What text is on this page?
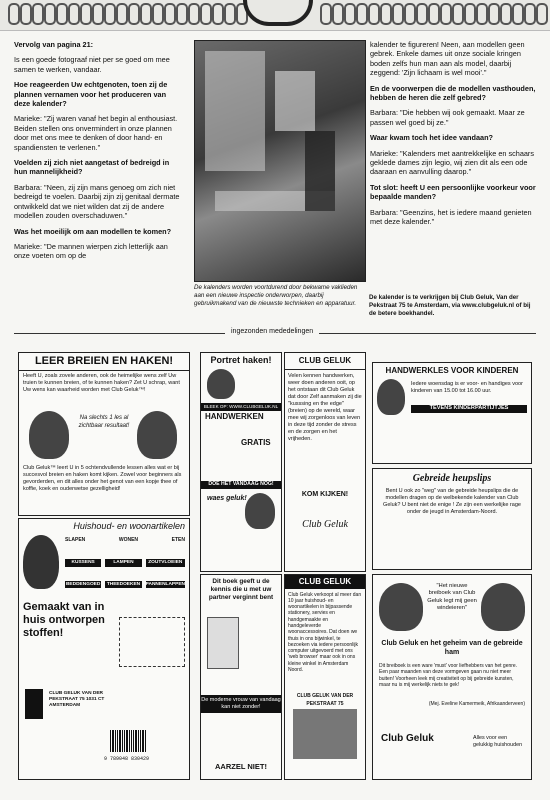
Vervolg van pagina 21:

Is een goede fotograaf niet per se goed om mee samen te werken, vandaar.

Hoe reageerden Uw echtgenoten, toen zij de plannen vernamen voor het produceren van deze kalender?

Marieke: "Zij waren vanaf het begin al enthousiast. Beiden stellen ons onvermindert in onze plannen door met ons mee te denken of door hand- en spandiensten te verlenen."

Voelden zij zich niet aangetast of bedreigd in hun mannelijkheid?

Barbara: "Neen, zij zijn mans genoeg om zich niet bedreigd te voelen. Daarbij zijn zij genitaal dermate ontwikkeld dat we niet wilden dat zij de andere modellen zouden overschaduwen."

Was het moeilijk om aan modellen te komen?

Marieke: "De mannen wierpen zich letterlijk aan onze voeten om op de

De kalenders worden voortdurend door bekwame vaklieden aan een nieuwe inspectie onderworpen, daarbij gebruikmakend van de nieuwste technieken en apparatuur.

kalender te figureren! Neen, aan modellen geen gebrek. Enkele dames uit onze sociale kringen boden zelfs hun man aan als model, daarbij zeggend: 'Zijn lichaam is wel mooi'."

En de voorwerpen die de modellen vasthouden, hebben de heren die zelf gebred?

Barbara: "Die hebben wij ook gemaakt. Maar ze passen wel goed bij ze."

Waar kwam toch het idee vandaan?

Marieke: "Kalenders met aantrekkelijke en schaars geklede dames zijn legio, wij zien dit als een ode daaraan en aanvulling daarop."

Tot slot: heeft U een persoonlijke voorkeur voor bepaalde manden?

Barbara: "Geenzins, het is iedere maand genieten met deze kalender."

De kalender is te verkrijgen bij Club Geluk, Van der Pekstraat 75 te Amsterdam, via www.clubgeluk.nl of bij de betere boekhandel.
ingezonden mededelingen
LEER BREIEN EN HAKEN!
Heeft U, zoals zovele anderen, ook de heimelijke wens zelf Uw truien te kunnen breien, of te kunnen haken? Zet U schrap, want Uw wens kan waarheid worden met Club Geluk™!
Na slechts 1 les al zichtbaar resultaat!
Club Geluk™ leert U in 5 ochtendvullende lessen alles wat er bij succesvol breien en haken komt kijken. Zowel voor beginners als gevorderden, en dit alles onder het genot van een kopje thee of koffie, koek en ouderwetse gezelligheid!
Huishoud- en woonartikelen
SLAPEN	WONEN	ETEN
KUSSENS	LAMPEN	ZOUTVLOEIEN
BEDDENGOED	THEEDOEKEN	PANNENLAPPEN
Gemaakt van in huis ontworpen stoffen!
CLUB GELUK VAN DER PEKSTRAAT 75 1031 CT AMSTERDAM
Portret haken!
BLEEK OP: WWW.CLUBGELUK.NL
HANDWERKEN
GRATIS
DOE HET VANDAAG NOG!
waes geluk!
CLUB GELUK
Velen kennen handwerken, weer doen anderen ooit, op het ontstaan dit Club Geluk dat door Zelf aanmaken zij die "kusssing en the edge" (breien) op de wereld, waar mee wij zorgenloos van leven in deze tijd zonder de stress en de zorgen en het vrijheden.
KOM KIJKEN!
Club Geluk
Dit boek geeft u de kennis die u met uw partner verginnt bent
De moderne vrouw van vandaag kan niet zonder!
AARZEL NIET!
CLUB GELUK
Club Geluk verkoopt al meer dan 10 jaar huishoud- en woonartikelen in bijpassende stationery, servies en handgemaakte en handgeleverde woonaccessoires. Dat doen we thuis in ons bijwinkel, te bezoeken via iedere persoonlijk computer uitgevoerd met ons 'web browser' maar ook in ons kleine winkel in Amsterdam Noord.
CLUB GELUK VAN DER PEKSTRAAT 75
HANDWERKLES VOOR KINDEREN
Iedere woensdag is er voor- en handiges voor kinderen van 15.00 tot 16.00 uur.
TEVENS KINDERPARTIJTJES
Gebreide heupslips
Bent U ook zo "weg" van de gebreide heupslips die de modellen dragen op de welbekende kalender van Club Geluk? U bent niet de enige ! Ze zijn een werkelijke rage onder de jeugd in Amsterdam-Noord.
"Het nieuwe breiboek van Club Geluk legt mij geen windeieren"
Club Geluk en het geheim van de gebreide ham
Dit breiboek is een ware 'must' voor liefhebbers van het genre. Een paar maanden van deze vormgeven gaan nu niet meer buiten! Voorheen leek mij creativiteit op bij gebreide kunsten, maar nu is mij werkelijk niets te gek!
(Mej. Eveline Kamermeik, Afrikaanderveen)
Club Geluk	Alles voor een gelukkig huishouden
9 789048 830429
